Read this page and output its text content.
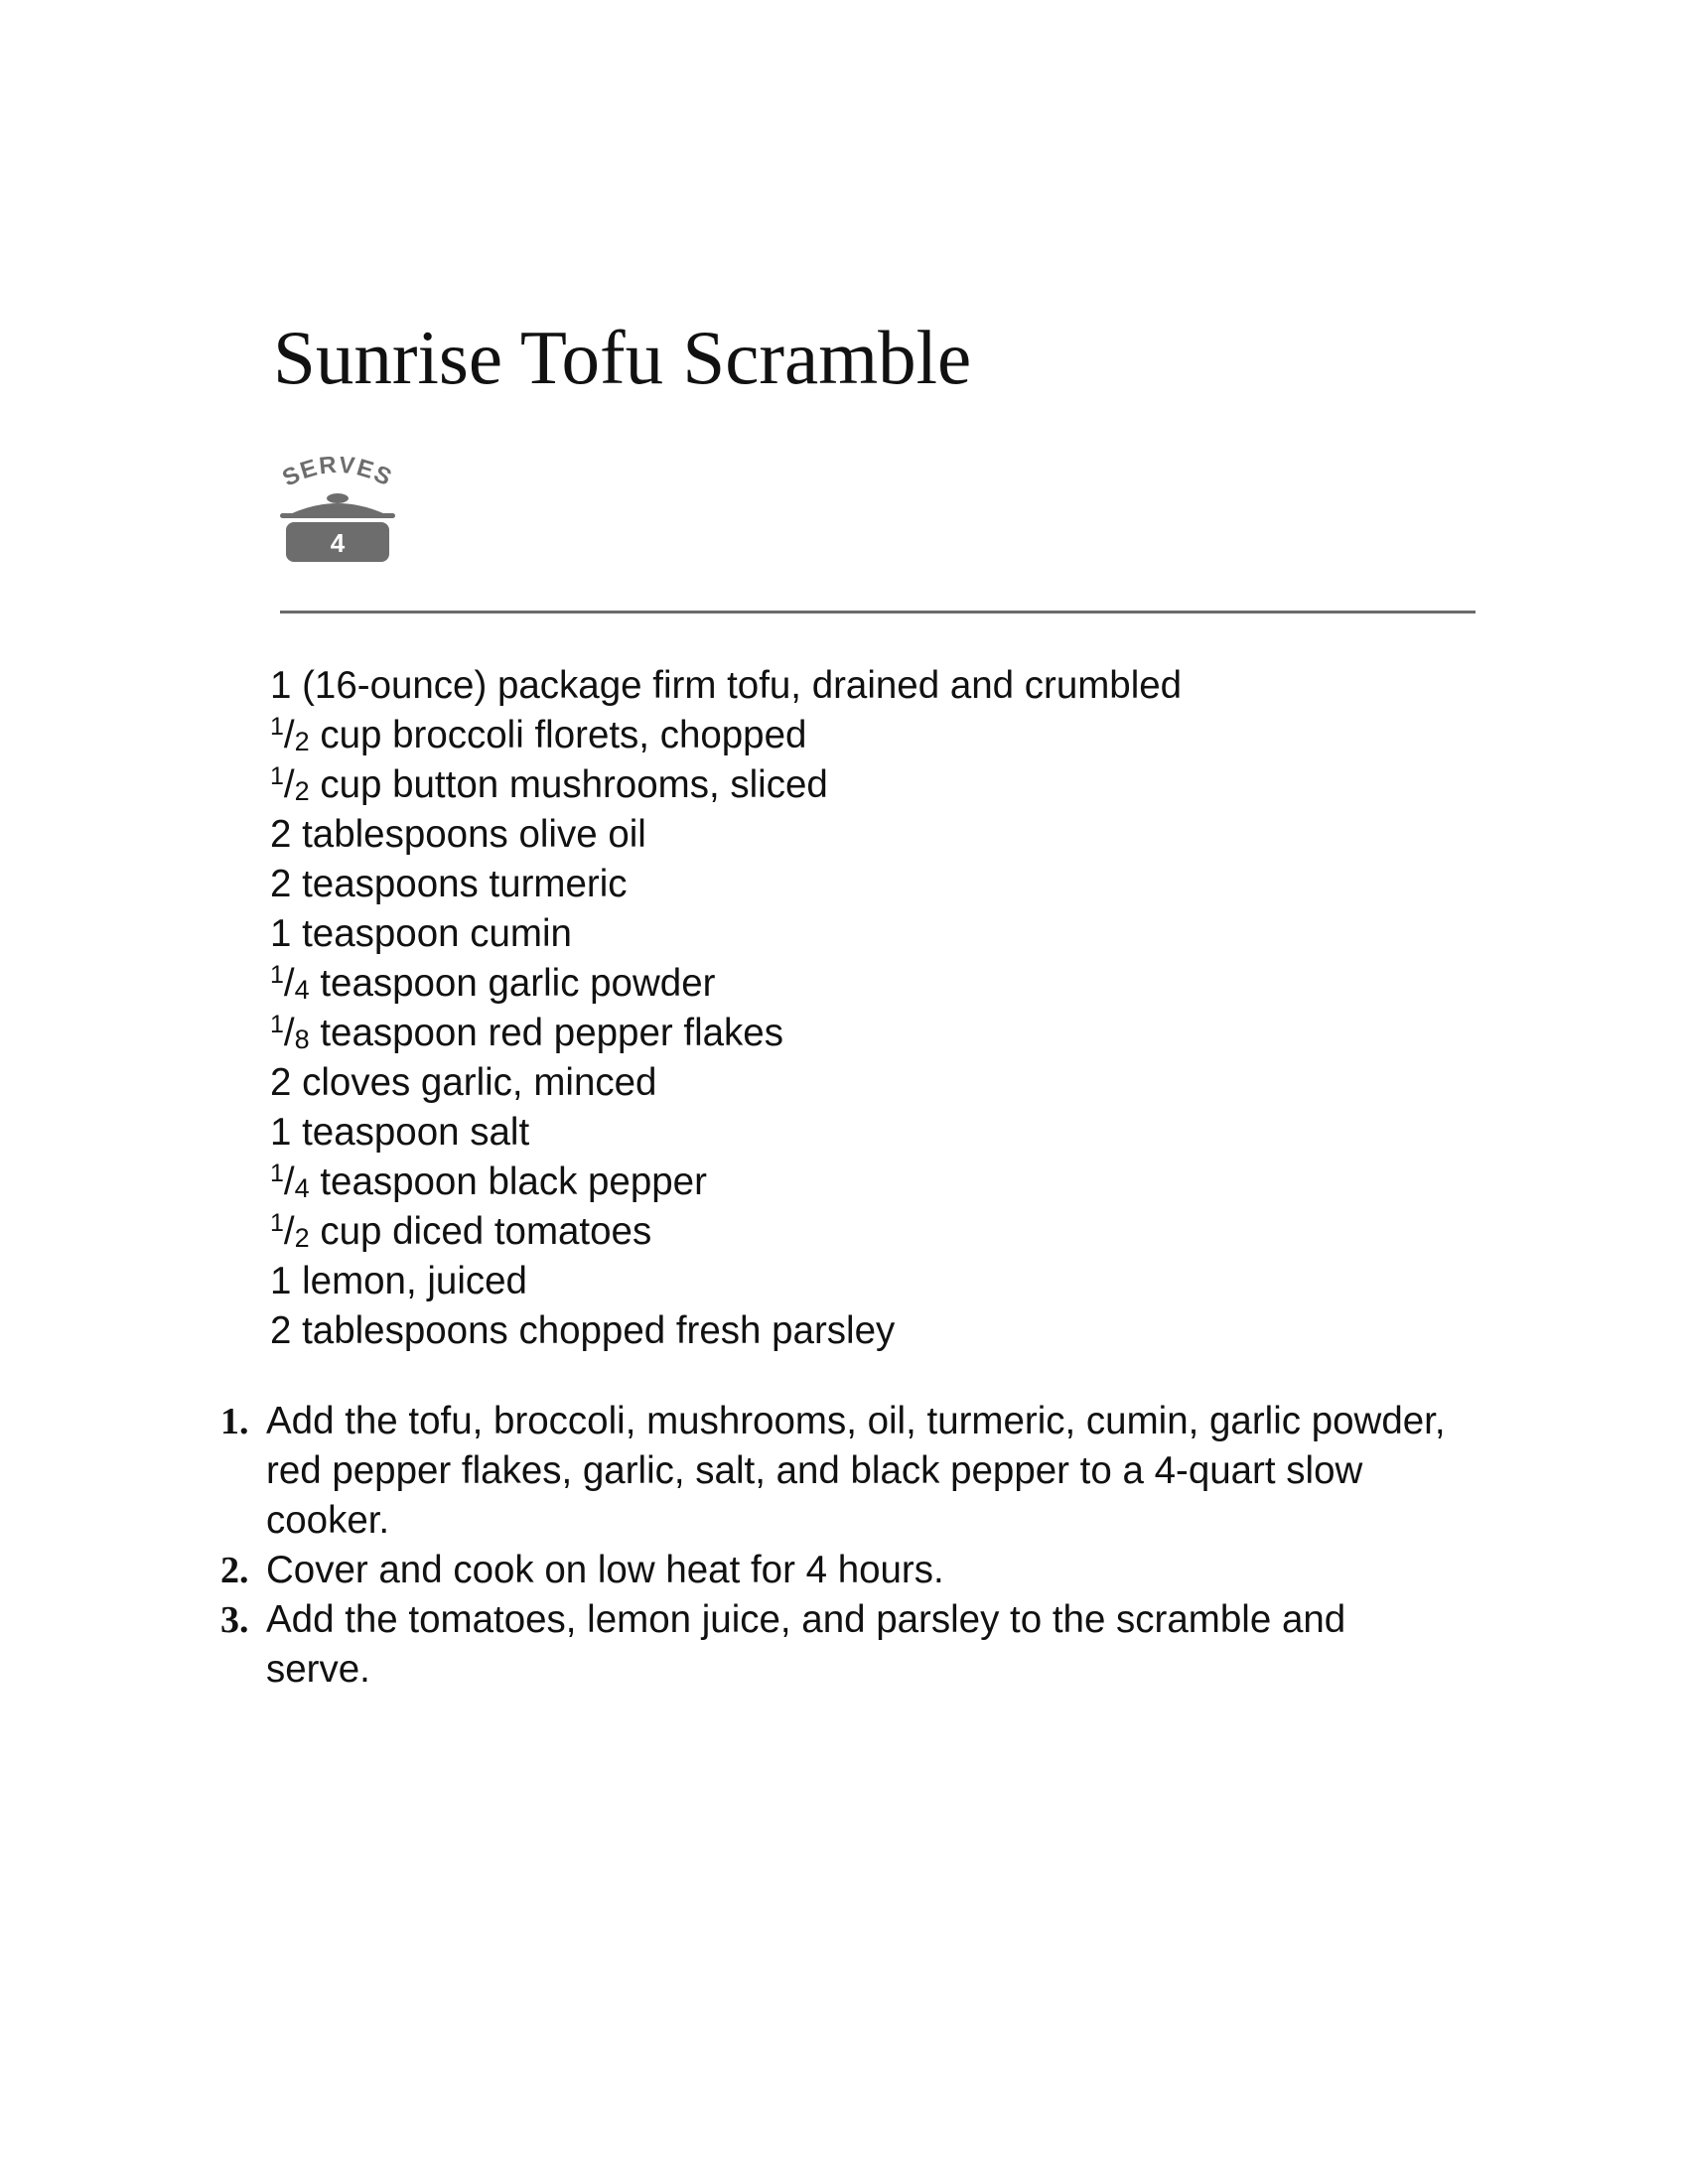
Sunrise Tofu Scramble
SERVES
4
1 (16-ounce) package firm tofu, drained and crumbled
$^1/_2$ cup broccoli florets, chopped
$^1/_2$ cup button mushrooms, sliced
2 tablespoons olive oil
2 teaspoons turmeric
1 teaspoon cumin
$^1/_4$ teaspoon garlic powder
$^1/_8$ teaspoon red pepper flakes
2 cloves garlic, minced
1 teaspoon salt
$^1/_4$ teaspoon black pepper
$^1/_2$ cup diced tomatoes
1 lemon, juiced
2 tablespoons chopped fresh parsley
1. Add the tofu, broccoli, mushrooms, oil, turmeric, cumin, garlic powder, red pepper flakes, garlic, salt, and black pepper to a 4-quart slow cooker.
2. Cover and cook on low heat for 4 hours.
3. Add the tomatoes, lemon juice, and parsley to the scramble and serve.
